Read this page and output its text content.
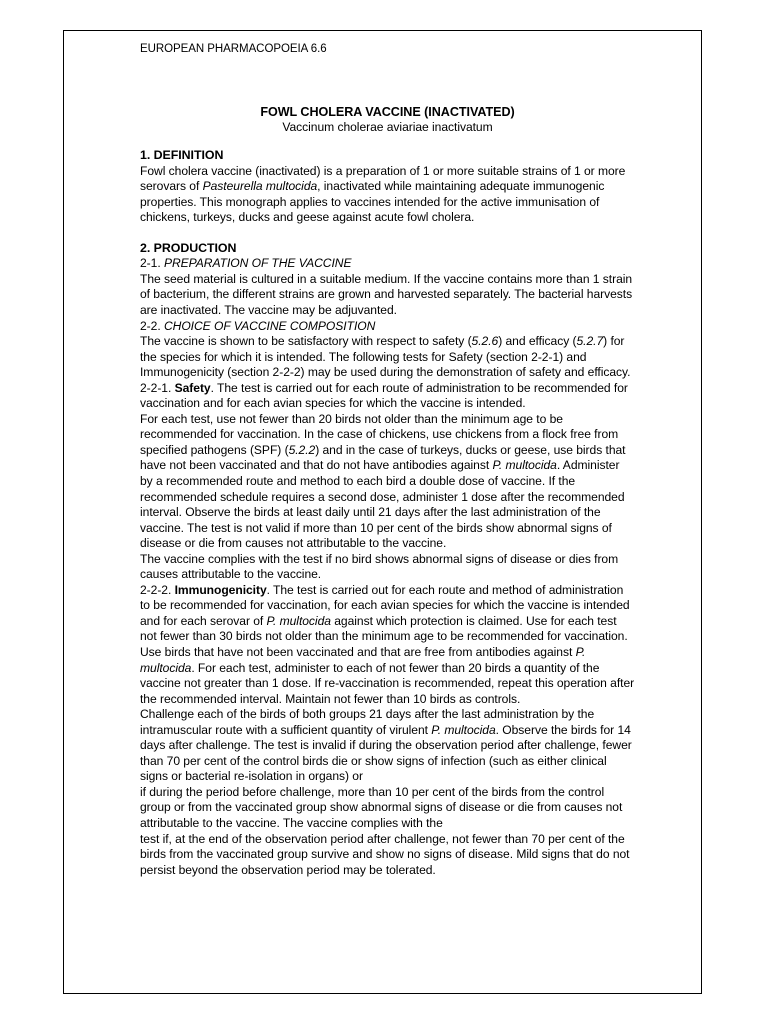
EUROPEAN PHARMACOPOEIA 6.6

FOWL CHOLERA VACCINE (INACTIVATED)

Vaccinum cholerae aviariae inactivatum

1. DEFINITION

Fowl cholera vaccine (inactivated) is a preparation of 1 or more suitable strains of 1 or more serovars of Pasteurella multocida, inactivated while maintaining adequate immunogenic properties. This monograph applies to vaccines intended for the active immunisation of chickens, turkeys, ducks and geese against acute fowl cholera.

2. PRODUCTION

2-1. PREPARATION OF THE VACCINE

The seed material is cultured in a suitable medium. If the vaccine contains more than 1 strain of bacterium, the different strains are grown and harvested separately. The bacterial harvests are inactivated. The vaccine may be adjuvanted.

2-2. CHOICE OF VACCINE COMPOSITION

The vaccine is shown to be satisfactory with respect to safety (5.2.6) and efficacy (5.2.7) for the species for which it is intended. The following tests for Safety (section 2-2-1) and Immunogenicity (section 2-2-2) may be used during the demonstration of safety and efficacy.

2-2-1. Safety. The test is carried out for each route of administration to be recommended for vaccination and for each avian species for which the vaccine is intended.

For each test, use not fewer than 20 birds not older than the minimum age to be recommended for vaccination. In the case of chickens, use chickens from a flock free from specified pathogens (SPF) (5.2.2) and in the case of turkeys, ducks or geese, use birds that have not been vaccinated and that do not have antibodies against P. multocida. Administer by a recommended route and method to each bird a double dose of vaccine. If the recommended schedule requires a second dose, administer 1 dose after the recommended interval. Observe the birds at least daily until 21 days after the last administration of the vaccine. The test is not valid if more than 10 per cent of the birds show abnormal signs of disease or die from causes not attributable to the vaccine.

The vaccine complies with the test if no bird shows abnormal signs of disease or dies from causes attributable to the vaccine.

2-2-2. Immunogenicity. The test is carried out for each route and method of administration to be recommended for vaccination, for each avian species for which the vaccine is intended and for each serovar of P. multocida against which protection is claimed. Use for each test not fewer than 30 birds not older than the minimum age to be recommended for vaccination. Use birds that have not been vaccinated and that are free from antibodies against P. multocida. For each test, administer to each of not fewer than 20 birds a quantity of the vaccine not greater than 1 dose. If re-vaccination is recommended, repeat this operation after the recommended interval. Maintain not fewer than 10 birds as controls.

Challenge each of the birds of both groups 21 days after the last administration by the intramuscular route with a sufficient quantity of virulent P. multocida. Observe the birds for 14 days after challenge. The test is invalid if during the observation period after challenge, fewer than 70 per cent of the control birds die or show signs of infection (such as either clinical signs or bacterial re-isolation in organs) or

if during the period before challenge, more than 10 per cent of the birds from the control group or from the vaccinated group show abnormal signs of disease or die from causes not attributable to the vaccine. The vaccine complies with the

test if, at the end of the observation period after challenge, not fewer than 70 per cent of the birds from the vaccinated group survive and show no signs of disease. Mild signs that do not persist beyond the observation period may be tolerated.
